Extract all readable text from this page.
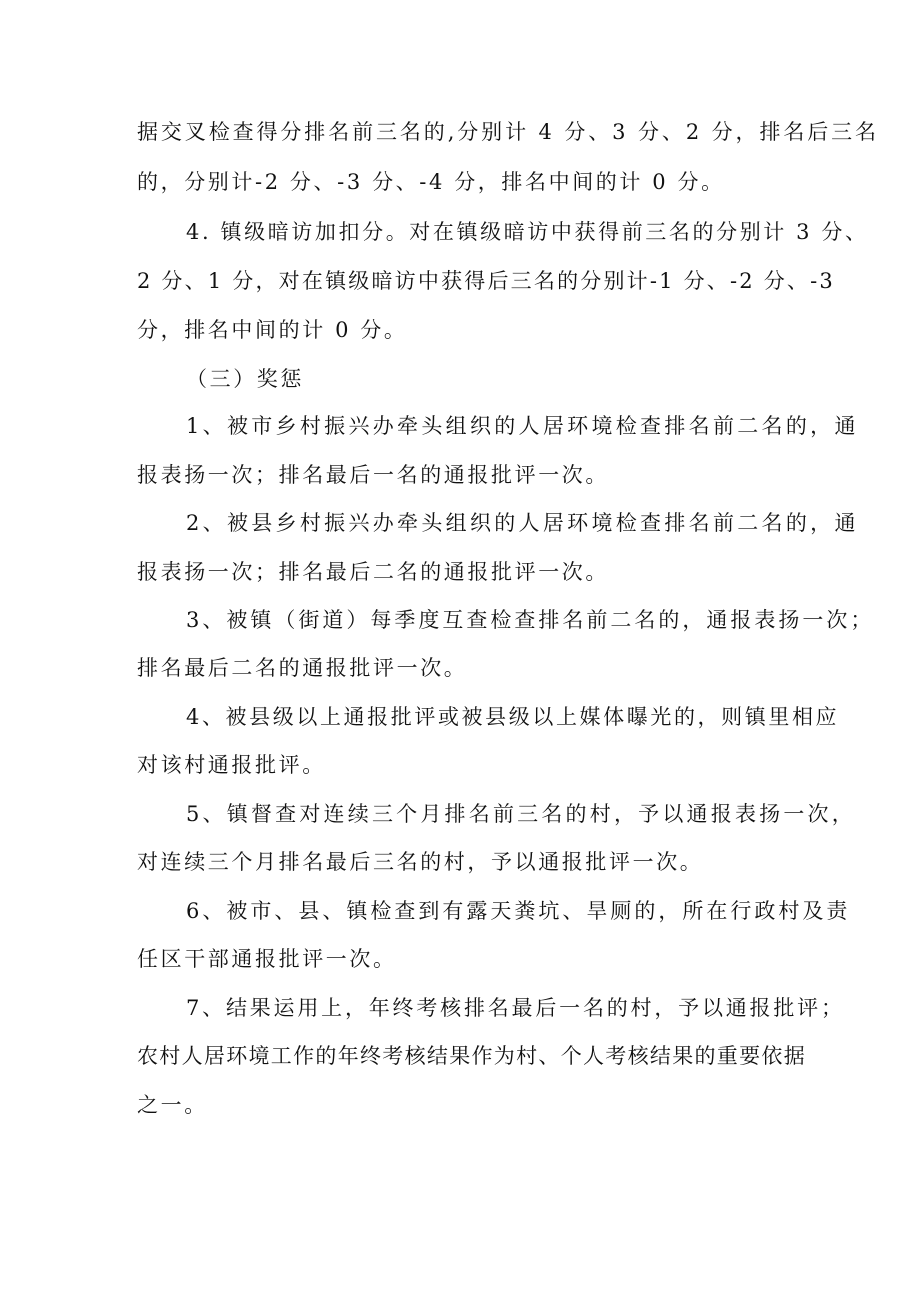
据交叉检查得分排名前三名的,分别计 4 分、3 分、2 分，排名后三名

的，分别计-2 分、-3 分、-4 分，排名中间的计 0 分。

4. 镇级暗访加扣分。对在镇级暗访中获得前三名的分别计 3 分、

2 分、1 分，对在镇级暗访中获得后三名的分别计-1 分、-2 分、-3

分，排名中间的计 0 分。

（三）奖惩

1、被市乡村振兴办牵头组织的人居环境检查排名前二名的，通

报表扬一次；排名最后一名的通报批评一次。

2、被县乡村振兴办牵头组织的人居环境检查排名前二名的，通

报表扬一次；排名最后二名的通报批评一次。

3、被镇（街道）每季度互查检查排名前二名的，通报表扬一次；

排名最后二名的通报批评一次。

4、被县级以上通报批评或被县级以上媒体曝光的，则镇里相应

对该村通报批评。

5、镇督查对连续三个月排名前三名的村，予以通报表扬一次，

对连续三个月排名最后三名的村，予以通报批评一次。

6、被市、县、镇检查到有露天粪坑、旱厕的，所在行政村及责

任区干部通报批评一次。

7、结果运用上，年终考核排名最后一名的村，予以通报批评；

农村人居环境工作的年终考核结果作为村、个人考核结果的重要依据

之一。
